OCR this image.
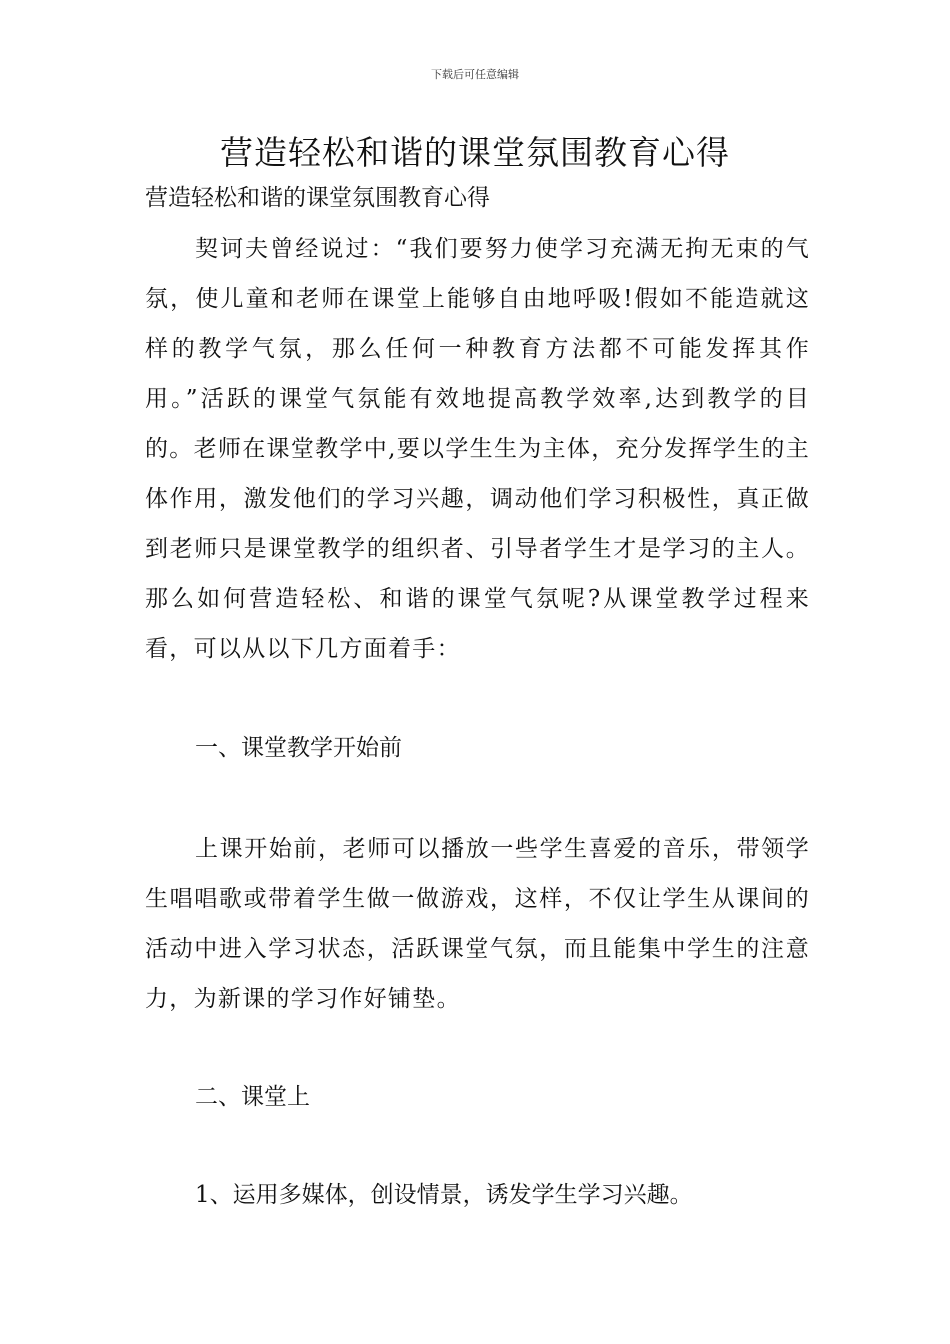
下载后可任意编辑
营造轻松和谐的课堂氛围教育心得

营造轻松和谐的课堂氛围教育心得

契诃夫曾经说过：“我们要努力使学习充满无拘无束的气氛，使儿童和老师在课堂上能够自由地呼吸!假如不能造就这样的教学气氛，那么任何一种教育方法都不可能发挥其作用。”活跃的课堂气氛能有效地提高教学效率,达到教学的目的。老师在课堂教学中,要以学生生为主体，充分发挥学生的主体作用，激发他们的学习兴趣，调动他们学习积极性，真正做到老师只是课堂教学的组织者、引导者学生才是学习的主人。那么如何营造轻松、和谐的课堂气氛呢?从课堂教学过程来看，可以从以下几方面着手：

一、课堂教学开始前

上课开始前，老师可以播放一些学生喜爱的音乐，带领学生唱唱歌或带着学生做一做游戏，这样，不仅让学生从课间的活动中进入学习状态，活跃课堂气氛，而且能集中学生的注意力，为新课的学习作好铺垫。

二、课堂上

1、运用多媒体，创设情景，诱发学生学习兴趣。
